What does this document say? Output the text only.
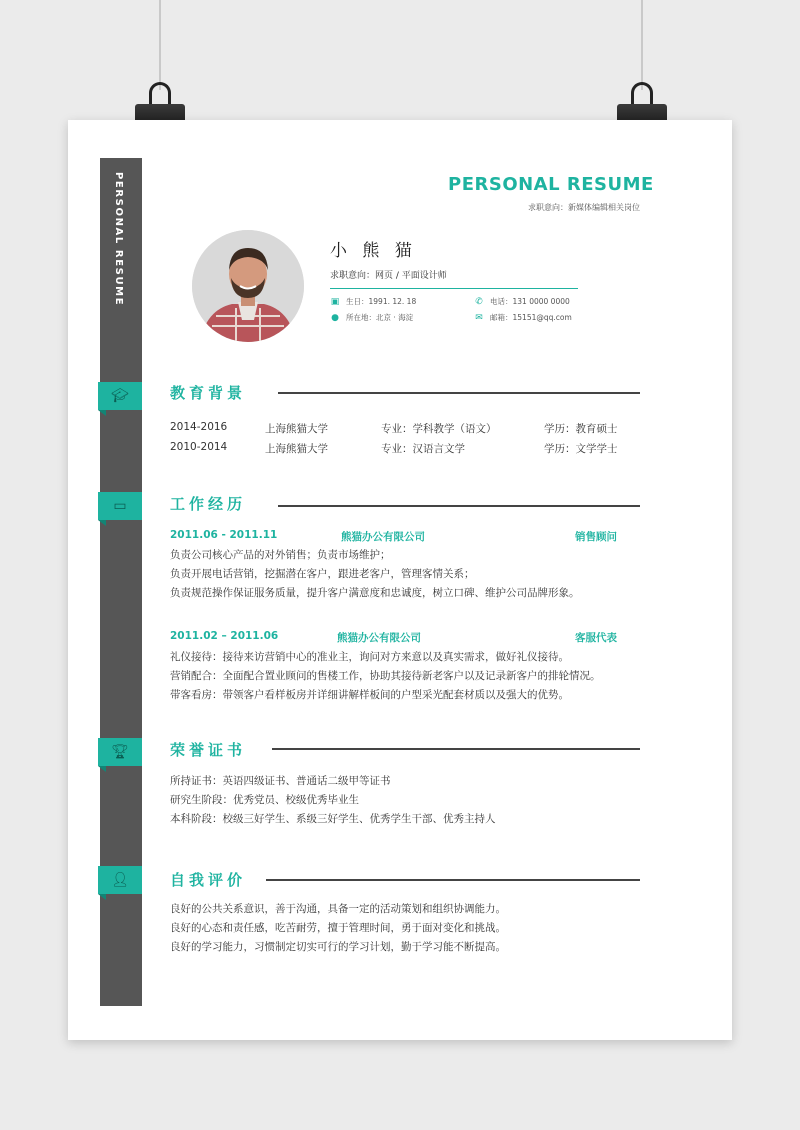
PERSONAL RESUME
🎓︎
▭
🏆︎
👤︎
PERSONAL RESUME
求职意向：新媒体编辑相关岗位
小 熊 猫
求职意向：网页 / 平面设计师
▣ 生日：1991. 12. 18
● 所在地：北京 · 海淀
✆ 电话：131 0000 0000
✉ 邮箱：15151@qq.com
教育背景
2014-2016	上海熊猫大学	专业：学科教学（语文）	学历：教育硕士
2010-2014	上海熊猫大学	专业：汉语言文学	学历：文学学士
工作经历
2011.06 - 2011.11	熊猫办公有限公司	销售顾问
负责公司核心产品的对外销售；负责市场维护；
负责开展电话营销，挖掘潜在客户，跟进老客户，管理客情关系；
负责规范操作保证服务质量，提升客户满意度和忠诚度，树立口碑、维护公司品牌形象。
2011.02 – 2011.06	熊猫办公有限公司	客服代表
礼仪接待：接待来访营销中心的准业主，询问对方来意以及真实需求，做好礼仪接待。
营销配合：全面配合置业顾问的售楼工作，协助其接待新老客户以及记录新客户的排轮情况。
带客看房：带领客户看样板房并详细讲解样板间的户型采光配套材质以及强大的优势。
荣誉证书
所持证书：英语四级证书、普通话二级甲等证书
研究生阶段：优秀党员、校级优秀毕业生
本科阶段：校级三好学生、系级三好学生、优秀学生干部、优秀主持人
自我评价
良好的公共关系意识，善于沟通，具备一定的活动策划和组织协调能力。
良好的心态和责任感，吃苦耐劳，擅于管理时间，勇于面对变化和挑战。
良好的学习能力，习惯制定切实可行的学习计划，勤于学习能不断提高。
